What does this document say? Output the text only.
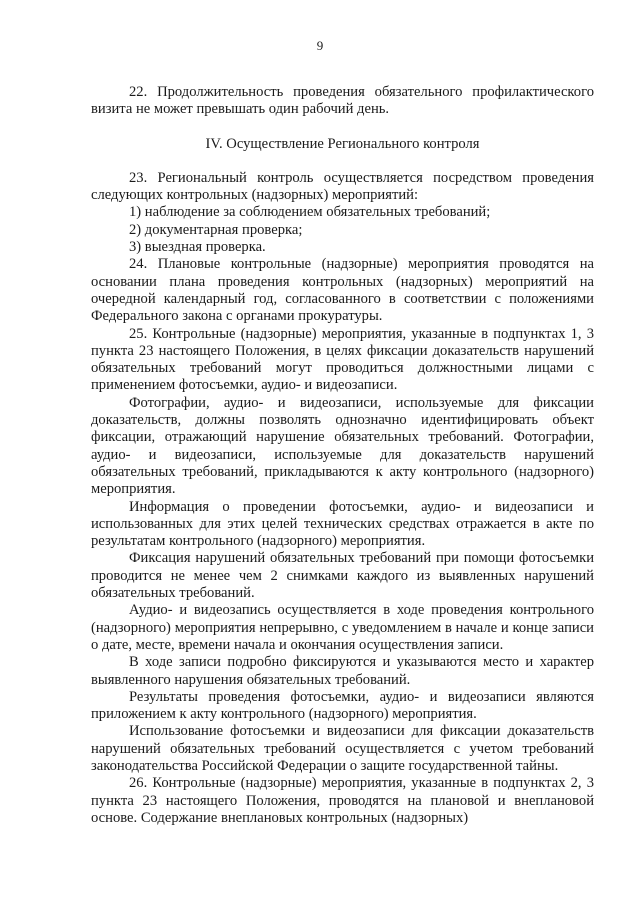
9

22. Продолжительность проведения обязательного профилактического визита не может превышать один рабочий день.

IV. Осуществление Регионального контроля

23. Региональный контроль осуществляется посредством проведения следующих контрольных (надзорных) мероприятий:

1) наблюдение за соблюдением обязательных требований;

2) документарная проверка;

3) выездная проверка.

24. Плановые контрольные (надзорные) мероприятия проводятся на основании плана проведения контрольных (надзорных) мероприятий на очередной календарный год, согласованного в соответствии с положениями Федерального закона с органами прокуратуры.

25. Контрольные (надзорные) мероприятия, указанные в подпунктах 1, 3 пункта 23 настоящего Положения, в целях фиксации доказательств нарушений обязательных требований могут проводиться должностными лицами с применением фотосъемки, аудио- и видеозаписи.

Фотографии, аудио- и видеозаписи, используемые для фиксации доказательств, должны позволять однозначно идентифицировать объект фиксации, отражающий нарушение обязательных требований. Фотографии, аудио- и видеозаписи, используемые для доказательств нарушений обязательных требований, прикладываются к акту контрольного (надзорного) мероприятия.

Информация о проведении фотосъемки, аудио- и видеозаписи и использованных для этих целей технических средствах отражается в акте по результатам контрольного (надзорного) мероприятия.

Фиксация нарушений обязательных требований при помощи фотосъемки проводится не менее чем 2 снимками каждого из выявленных нарушений обязательных требований.

Аудио- и видеозапись осуществляется в ходе проведения контрольного (надзорного) мероприятия непрерывно, с уведомлением в начале и конце записи о дате, месте, времени начала и окончания осуществления записи.

В ходе записи подробно фиксируются и указываются место и характер выявленного нарушения обязательных требований.

Результаты проведения фотосъемки, аудио- и видеозаписи являются приложением к акту контрольного (надзорного) мероприятия.

Использование фотосъемки и видеозаписи для фиксации доказательств нарушений обязательных требований осуществляется с учетом требований законодательства Российской Федерации о защите государственной тайны.

26. Контрольные (надзорные) мероприятия, указанные в подпунктах 2, 3 пункта 23 настоящего Положения, проводятся на плановой и внеплановой основе. Содержание внеплановых контрольных (надзорных)
